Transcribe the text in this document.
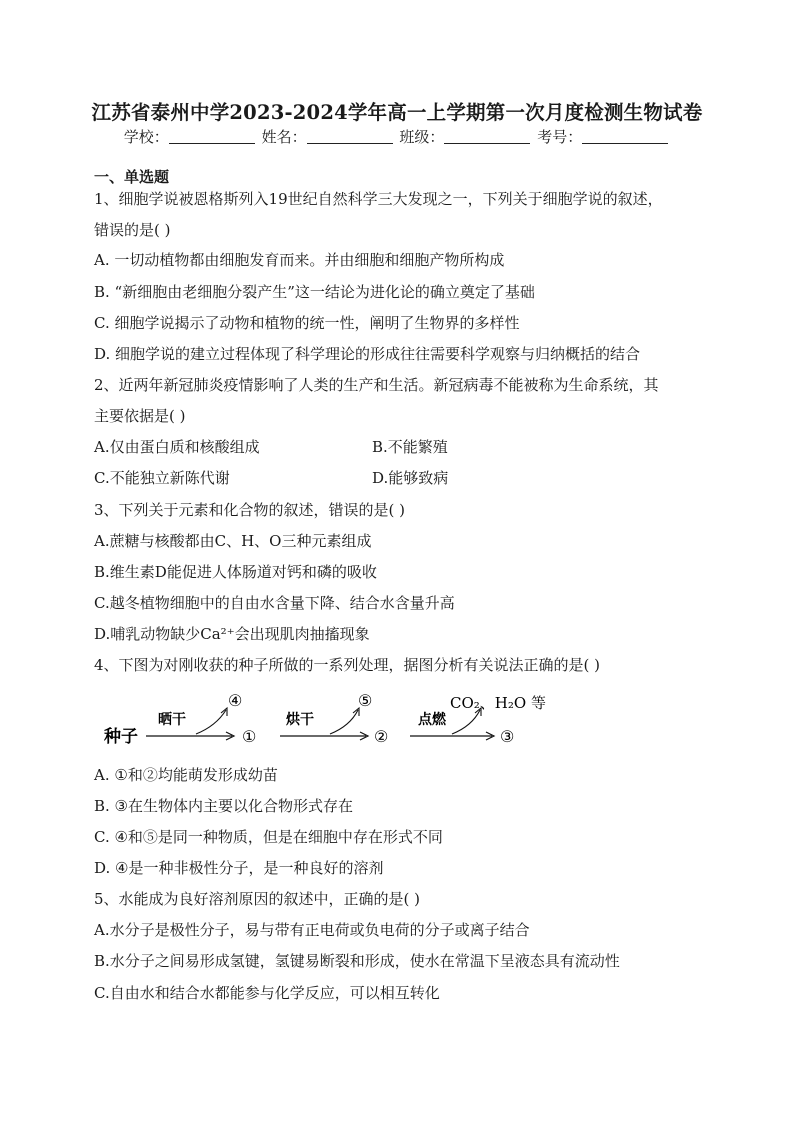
江苏省泰州中学2023-2024学年高一上学期第一次月度检测生物试卷
学校：	姓名：	班级：	考号：
一、单选题
1、细胞学说被恩格斯列入19世纪自然科学三大发现之一，下列关于细胞学说的叙述，
错误的是( )
A. 一切动植物都由细胞发育而来。并由细胞和细胞产物所构成
B. “新细胞由老细胞分裂产生”这一结论为进化论的确立奠定了基础
C. 细胞学说揭示了动物和植物的统一性，阐明了生物界的多样性
D. 细胞学说的建立过程体现了科学理论的形成往往需要科学观察与归纳概括的结合
2、近两年新冠肺炎疫情影响了人类的生产和生活。新冠病毒不能被称为生命系统，其
主要依据是( )
A.仅由蛋白质和核酸组成	B.不能繁殖
C.不能独立新陈代谢	D.能够致病
3、下列关于元素和化合物的叙述，错误的是( )
A.蔗糖与核酸都由C、H、O三种元素组成
B.维生素D能促进人体肠道对钙和磷的吸收
C.越冬植物细胞中的自由水含量下降、结合水含量升高
D.哺乳动物缺少Ca²⁺会出现肌肉抽搐现象
4、下图为对刚收获的种子所做的一系列处理，据图分析有关说法正确的是( )
种子
晒干
④
①
烘干
⑤
②
点燃
CO₂、H₂O 等
③
A. ①和②均能萌发形成幼苗
B. ③在生物体内主要以化合物形式存在
C. ④和⑤是同一种物质，但是在细胞中存在形式不同
D. ④是一种非极性分子，是一种良好的溶剂
5、水能成为良好溶剂原因的叙述中，正确的是( )
A.水分子是极性分子，易与带有正电荷或负电荷的分子或离子结合
B.水分子之间易形成氢键，氢键易断裂和形成，使水在常温下呈液态具有流动性
C.自由水和结合水都能参与化学反应，可以相互转化
